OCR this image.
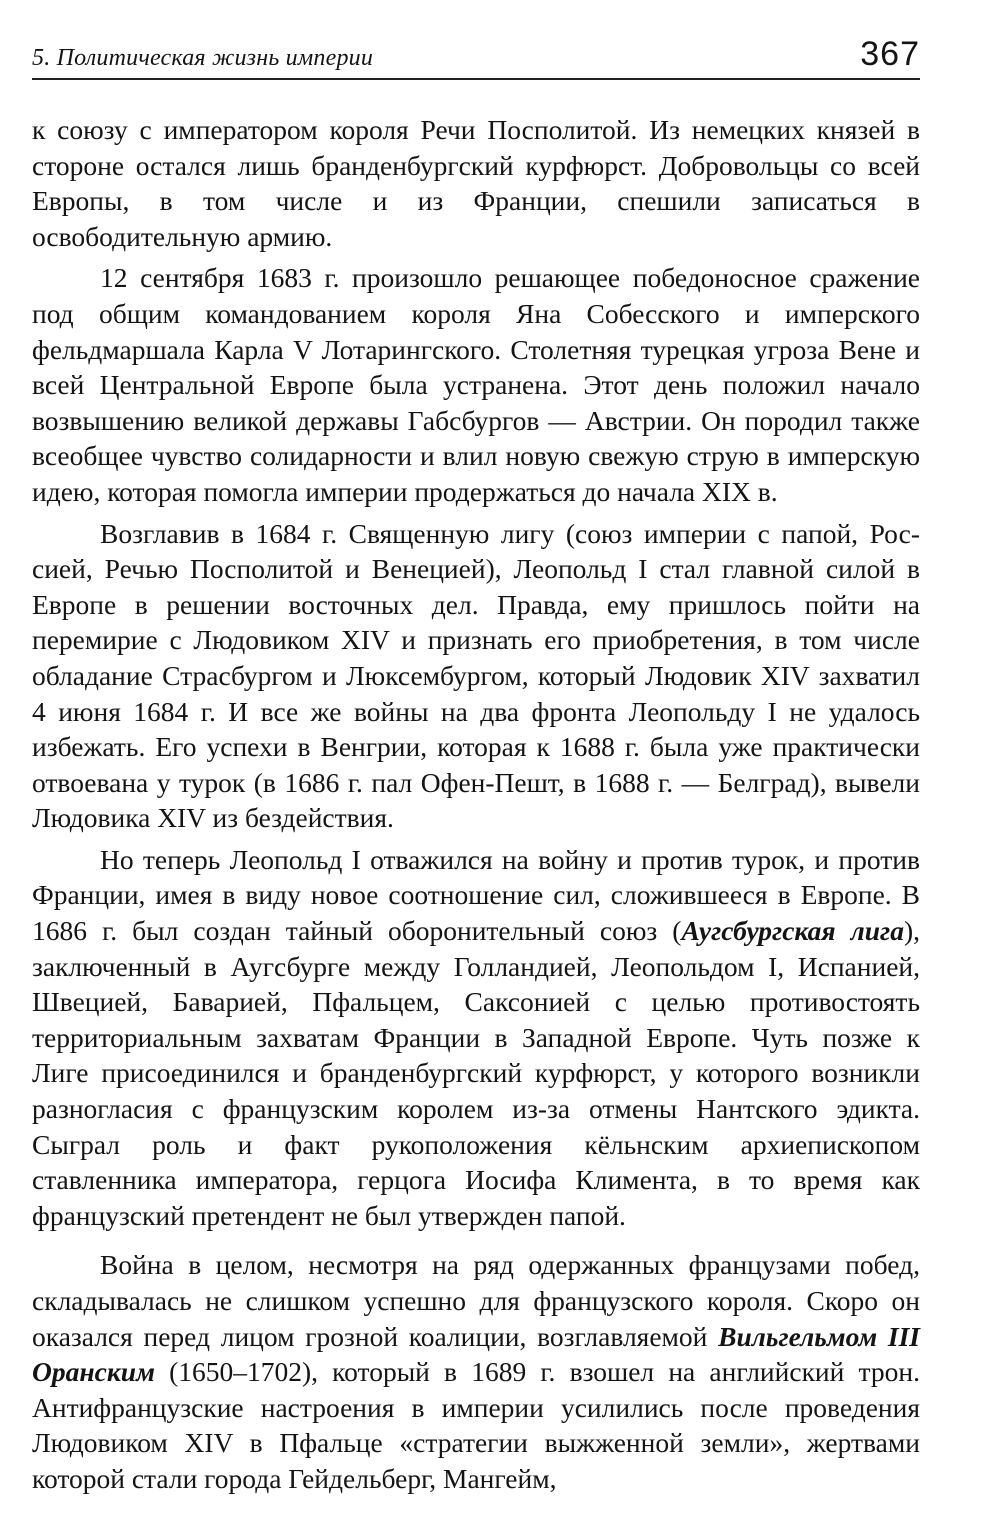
5. Политическая жизнь империи	367

к союзу с императором короля Речи Посполитой. Из немецких князей в стороне остался лишь бранденбургский курфюрст. Добровольцы со всей Европы, в том числе и из Франции, спешили записаться в освободительную армию.

12 сентября 1683 г. произошло решающее победоносное сражение под общим командованием короля Яна Собесского и имперского фельдмаршала Карла V Лотарингского. Столетняя турецкая угроза Вене и всей Центральной Европе была устранена. Этот день положил начало возвышению великой державы Габсбургов — Австрии. Он породил также всеобщее чувство солидарности и влил новую свежую струю в имперскую идею, которая помогла империи продержаться до начала XIX в.

Возглавив в 1684 г. Священную лигу (союз империи с папой, Россией, Речью Посполитой и Венецией), Леопольд I стал главной силой в Европе в решении восточных дел. Правда, ему пришлось пойти на перемирие с Людовиком XIV и признать его приобретения, в том числе обладание Страсбургом и Люксембургом, который Людовик XIV захватил 4 июня 1684 г. И все же войны на два фронта Леопольду I не удалось избежать. Его успехи в Венгрии, которая к 1688 г. была уже практически отвоевана у турок (в 1686 г. пал Офен-Пешт, в 1688 г. — Белград), вывели Людовика XIV из бездействия.

Но теперь Леопольд I отважился на войну и против турок, и против Франции, имея в виду новое соотношение сил, сложившееся в Европе. В 1686 г. был создан тайный оборонительный союз (Аугсбургская лига), заключенный в Аугсбурге между Голландией, Леопольдом I, Испанией, Швецией, Баварией, Пфальцем, Саксонией с целью противостоять территориальным захватам Франции в Западной Европе. Чуть позже к Лиге присоединился и бранденбургский курфюрст, у которого возникли разногласия с французским королем из-за отмены Нантского эдикта. Сыграл роль и факт рукоположения кёльнским архиепископом ставленника императора, герцога Иосифа Климента, в то время как французский претендент не был утвержден папой.

Война в целом, несмотря на ряд одержанных французами побед, складывалась не слишком успешно для французского короля. Скоро он оказался перед лицом грозной коалиции, возглавляемой Вильгельмом III Оранским (1650–1702), который в 1689 г. взошел на английский трон. Антифранцузские настроения в империи усилились после проведения Людовиком XIV в Пфальце «стратегии выжженной земли», жертвами которой стали города Гейдельберг, Мангейм,
